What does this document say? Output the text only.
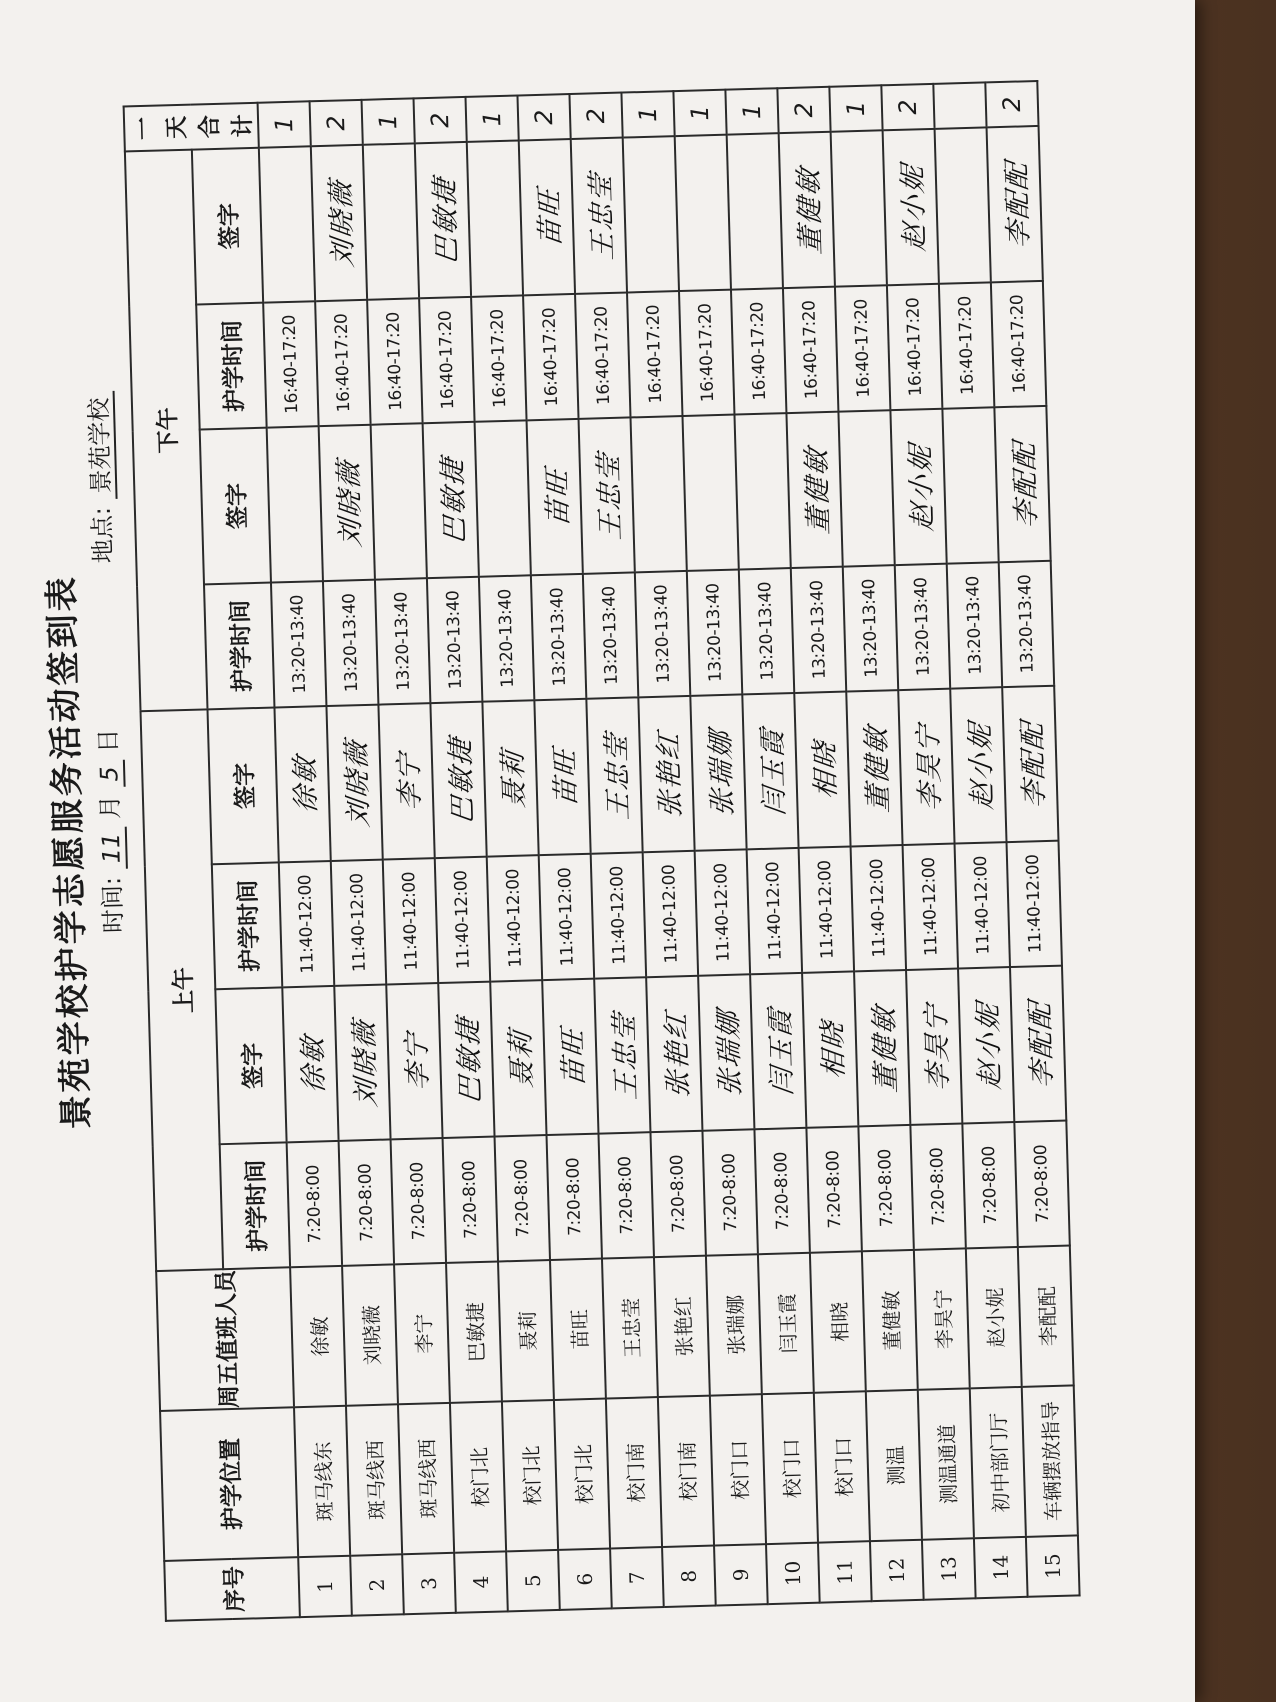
景苑学校护学志愿服务活动签到表 时间: 11 月 5 日
地点: 景苑学校
序号	护学位置	周五值班人员	上午				下午				一天合计
			护学时间	签字	护学时间	签字	护学时间	签字	护学时间	签字	
1	斑马线东	徐敏	7:20-8:00	徐敏	11:40-12:00	徐敏	13:20-13:40		16:40-17:20		1
2	斑马线西	刘晓薇	7:20-8:00	刘晓薇	11:40-12:00	刘晓薇	13:20-13:40	刘晓薇	16:40-17:20	刘晓薇	2
3	斑马线西	李宁	7:20-8:00	李宁	11:40-12:00	李宁	13:20-13:40		16:40-17:20		1
4	校门北	巴敏捷	7:20-8:00	巴敏捷	11:40-12:00	巴敏捷	13:20-13:40	巴敏捷	16:40-17:20	巴敏捷	2
5	校门北	聂莉	7:20-8:00	聂莉	11:40-12:00	聂莉	13:20-13:40		16:40-17:20		1
6	校门北	苗旺	7:20-8:00	苗旺	11:40-12:00	苗旺	13:20-13:40	苗旺	16:40-17:20	苗旺	2
7	校门南	王忠莹	7:20-8:00	王忠莹	11:40-12:00	王忠莹	13:20-13:40	王忠莹	16:40-17:20	王忠莹	2
8	校门南	张艳红	7:20-8:00	张艳红	11:40-12:00	张艳红	13:20-13:40		16:40-17:20		1
9	校门口	张瑞娜	7:20-8:00	张瑞娜	11:40-12:00	张瑞娜	13:20-13:40		16:40-17:20		1
10	校门口	闫玉霞	7:20-8:00	闫玉霞	11:40-12:00	闫玉霞	13:20-13:40		16:40-17:20		1
11	校门口	相晓	7:20-8:00	相晓	11:40-12:00	相晓	13:20-13:40	董健敏	16:40-17:20	董健敏	2
12	测温	董健敏	7:20-8:00	董健敏	11:40-12:00	董健敏	13:20-13:40		16:40-17:20		1
13	测温通道	李昊宁	7:20-8:00	李昊宁	11:40-12:00	李昊宁	13:20-13:40	赵小妮	16:40-17:20	赵小妮	2
14	初中部门厅	赵小妮	7:20-8:00	赵小妮	11:40-12:00	赵小妮	13:20-13:40		16:40-17:20		
15	车辆摆放指导	李配配	7:20-8:00	李配配	11:40-12:00	李配配	13:20-13:40	李配配	16:40-17:20	李配配	2
